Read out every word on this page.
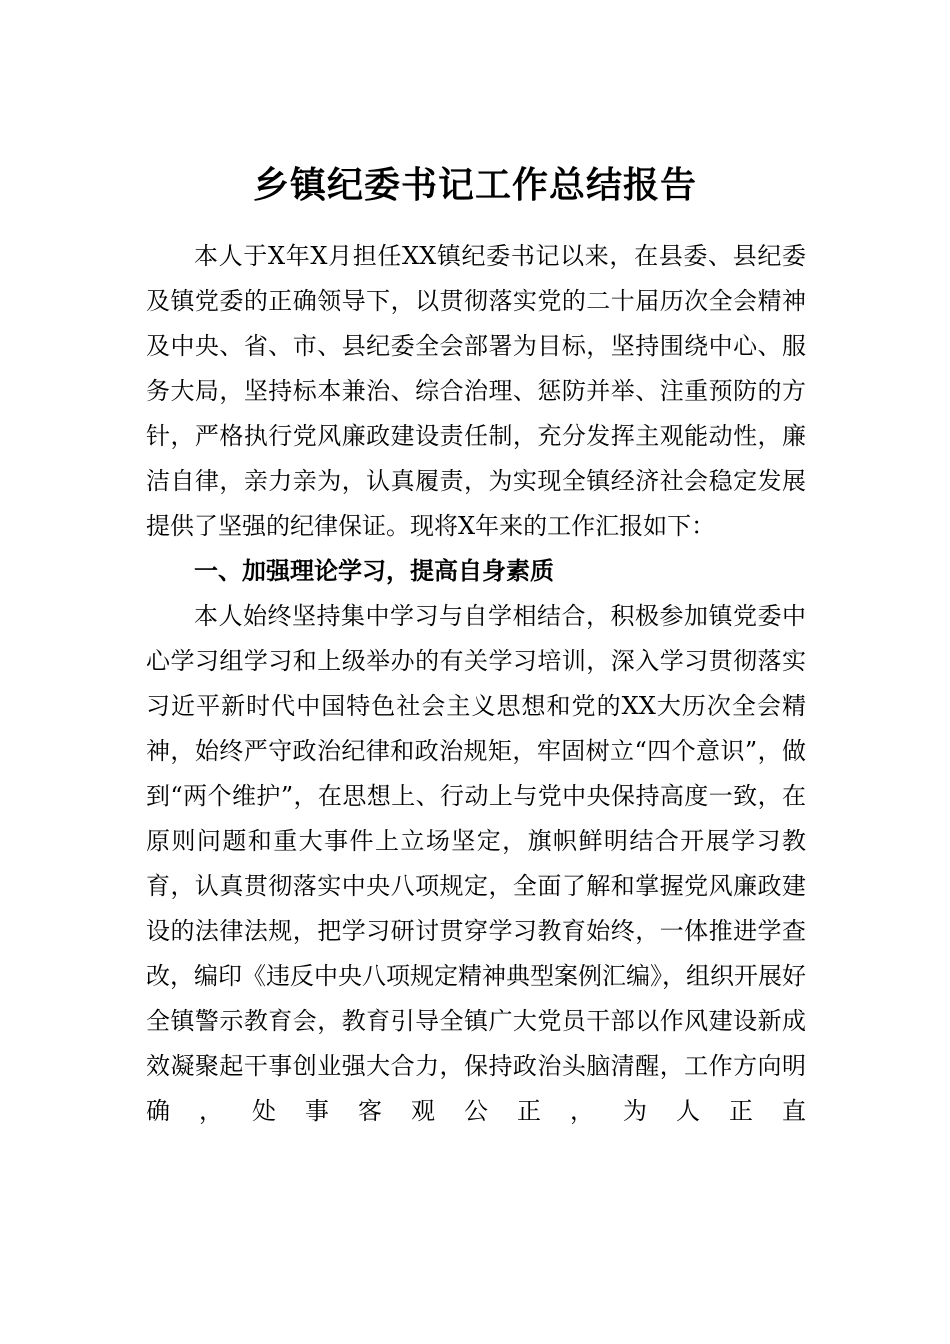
乡镇纪委书记工作总结报告

本人于X年X月担任XX镇纪委书记以来，在县委、县纪委及镇党委的正确领导下，以贯彻落实党的二十届历次全会精神及中央、省、市、县纪委全会部署为目标，坚持围绕中心、服务大局，坚持标本兼治、综合治理、惩防并举、注重预防的方针，严格执行党风廉政建设责任制，充分发挥主观能动性，廉洁自律，亲力亲为，认真履责，为实现全镇经济社会稳定发展提供了坚强的纪律保证。现将X年来的工作汇报如下：

一、加强理论学习，提高自身素质

本人始终坚持集中学习与自学相结合，积极参加镇党委中心学习组学习和上级举办的有关学习培训，深入学习贯彻落实习近平新时代中国特色社会主义思想和党的XX大历次全会精神，始终严守政治纪律和政治规矩，牢固树立“四个意识”，做到“两个维护”，在思想上、行动上与党中央保持高度一致，在原则问题和重大事件上立场坚定，旗帜鲜明结合开展学习教育，认真贯彻落实中央八项规定，全面了解和掌握党风廉政建设的法律法规，把学习研讨贯穿学习教育始终，一体推进学查改，编印《违反中央八项规定精神典型案例汇编》，组织开展好全镇警示教育会，教育引导全镇广大党员干部以作风建设新成效凝聚起干事创业强大合力，保持政治头脑清醒，工作方向明确，处事客观公正，为人正直
